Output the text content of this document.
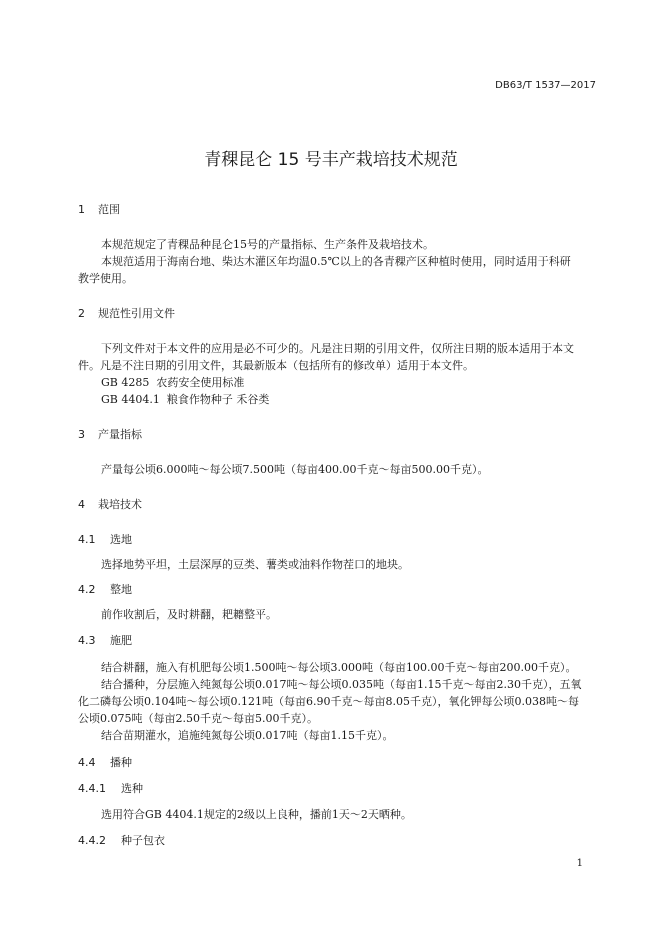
DB63/T 1537—2017
青稞昆仑 15 号丰产栽培技术规范
1 范围
本规范规定了青稞品种昆仑15号的产量指标、生产条件及栽培技术。
本规范适用于海南台地、柴达木灌区年均温0.5℃以上的各青稞产区种植时使用，同时适用于科研
教学使用。
2 规范性引用文件
下列文件对于本文件的应用是必不可少的。凡是注日期的引用文件，仅所注日期的版本适用于本文
件。凡是不注日期的引用文件，其最新版本（包括所有的修改单）适用于本文件。
GB 4285  农药安全使用标准
GB 4404.1  粮食作物种子 禾谷类
3 产量指标
产量每公顷6.000吨～每公顷7.500吨（每亩400.00千克～每亩500.00千克）。
4 栽培技术
4.1 选地
选择地势平坦，土层深厚的豆类、薯类或油料作物茬口的地块。
4.2 整地
前作收割后，及时耕翻，耙耱整平。
4.3 施肥
结合耕翻，施入有机肥每公顷1.500吨～每公顷3.000吨（每亩100.00千克～每亩200.00千克）。
结合播种，分层施入纯氮每公顷0.017吨～每公顷0.035吨（每亩1.15千克～每亩2.30千克），五氧
化二磷每公顷0.104吨～每公顷0.121吨（每亩6.90千克～每亩8.05千克），氧化钾每公顷0.038吨～每
公顷0.075吨（每亩2.50千克～每亩5.00千克）。
结合苗期灌水，追施纯氮每公顷0.017吨（每亩1.15千克）。
4.4 播种
4.4.1 选种
选用符合GB 4404.1规定的2级以上良种，播前1天～2天晒种。
4.4.2 种子包衣
1
